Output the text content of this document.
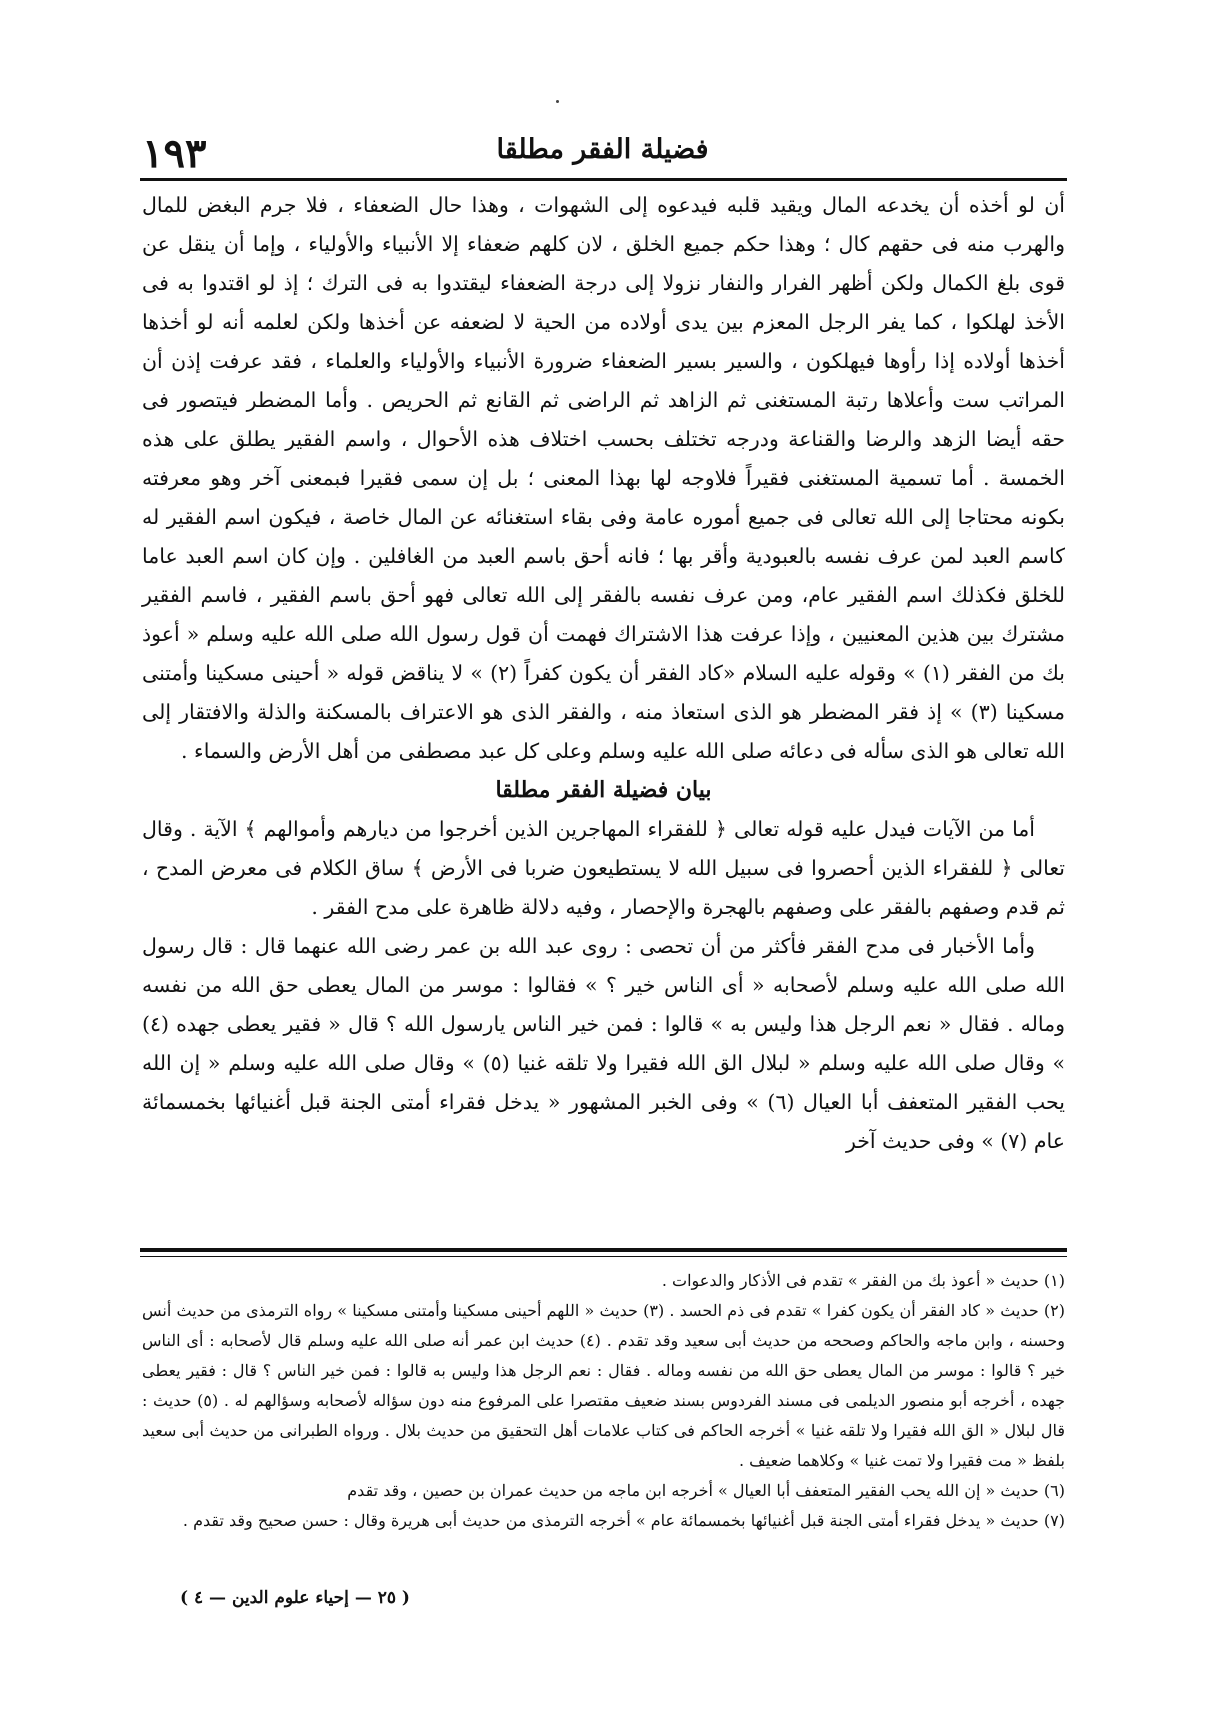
١٩٣	فضيلة الفقر مطلقا

أن لو أخذه أن يخدعه المال ويقيد قلبه فيدعوه إلى الشهوات ، وهذا حال الضعفاء ، فلا جرم البغض للمال والهرب منه فى حقهم كال ؛ وهذا حكم جميع الخلق ، لان كلهم ضعفاء إلا الأنبياء والأولياء ، وإما أن ينقل عن قوى بلغ الكمال ولكن أظهر الفرار والنفار نزولا إلى درجة الضعفاء ليقتدوا به فى الترك ؛ إذ لو اقتدوا به فى الأخذ لهلكوا ، كما يفر الرجل المعزم بين يدى أولاده من الحية لا لضعفه عن أخذها ولكن لعلمه أنه لو أخذها أخذها أولاده إذا رأوها فيهلكون ، والسير بسير الضعفاء ضرورة الأنبياء والأولياء والعلماء ، فقد عرفت إذن أن المراتب ست وأعلاها رتبة المستغنى ثم الزاهد ثم الراضى ثم القانع ثم الحريص . وأما المضطر فيتصور فى حقه أيضا الزهد والرضا والقناعة ودرجه تختلف بحسب اختلاف هذه الأحوال ، واسم الفقير يطلق على هذه الخمسة . أما تسمية المستغنى فقيراً فلاوجه لها بهذا المعنى ؛ بل إن سمى فقيرا فبمعنى آخر وهو معرفته بكونه محتاجا إلى الله تعالى فى جميع أموره عامة وفى بقاء استغنائه عن المال خاصة ، فيكون اسم الفقير له كاسم العبد لمن عرف نفسه بالعبودية وأقر بها ؛ فانه أحق باسم العبد من الغافلين . وإن كان اسم العبد عاما للخلق فكذلك اسم الفقير عام، ومن عرف نفسه بالفقر إلى الله تعالى فهو أحق باسم الفقير ، فاسم الفقير مشترك بين هذين المعنيين ، وإذا عرفت هذا الاشتراك فهمت أن قول رسول الله صلى الله عليه وسلم « أعوذ بك من الفقر (١) » وقوله عليه السلام «كاد الفقر أن يكون كفراً (٢) » لا يناقض قوله « أحينى مسكينا وأمتنى مسكينا (٣) » إذ فقر المضطر هو الذى استعاذ منه ، والفقر الذى هو الاعتراف بالمسكنة والذلة والافتقار إلى الله تعالى هو الذى سأله فى دعائه صلى الله عليه وسلم وعلى كل عبد مصطفى من أهل الأرض والسماء .

بيان فضيلة الفقر مطلقا

أما من الآيات فيدل عليه قوله تعالى ﴿ للفقراء المهاجرين الذين أخرجوا من ديارهم وأموالهم ﴾ الآية . وقال تعالى ﴿ للفقراء الذين أحصروا فى سبيل الله لا يستطيعون ضربا فى الأرض ﴾ ساق الكلام فى معرض المدح ، ثم قدم وصفهم بالفقر على وصفهم بالهجرة والإحصار ، وفيه دلالة ظاهرة على مدح الفقر .

وأما الأخبار فى مدح الفقر فأكثر من أن تحصى : روى عبد الله بن عمر رضى الله عنهما قال : قال رسول الله صلى الله عليه وسلم لأصحابه « أى الناس خير ؟ » فقالوا : موسر من المال يعطى حق الله من نفسه وماله . فقال « نعم الرجل هذا وليس به » قالوا : فمن خير الناس يارسول الله ؟ قال « فقير يعطى جهده (٤) » وقال صلى الله عليه وسلم « لبلال الق الله فقيرا ولا تلقه غنيا (٥) » وقال صلى الله عليه وسلم « إن الله يحب الفقير المتعفف أبا العيال (٦) » وفى الخبر المشهور « يدخل فقراء أمتى الجنة قبل أغنيائها بخمسمائة عام (٧) » وفى حديث آخر

(١) حديث « أعوذ بك من الفقر » تقدم فى الأذكار والدعوات .

(٢) حديث « كاد الفقر أن يكون كفرا » تقدم فى ذم الحسد . (٣) حديث « اللهم أحينى مسكينا وأمتنى مسكينا » رواه الترمذى من حديث أنس وحسنه ، وابن ماجه والحاكم وصححه من حديث أبى سعيد وقد تقدم . (٤) حديث ابن عمر أنه صلى الله عليه وسلم قال لأصحابه : أى الناس خير ؟ قالوا : موسر من المال يعطى حق الله من نفسه وماله . فقال : نعم الرجل هذا وليس به قالوا : فمن خير الناس ؟ قال : فقير يعطى جهده ، أخرجه أبو منصور الديلمى فى مسند الفردوس بسند ضعيف مقتصرا على المرفوع منه دون سؤاله لأصحابه وسؤالهم له . (٥) حديث : قال لبلال « الق الله فقيرا ولا تلقه غنيا » أخرجه الحاكم فى كتاب علامات أهل التحقيق من حديث بلال . ورواه الطبرانى من حديث أبى سعيد بلفظ « مت فقيرا ولا تمت غنيا » وكلاهما ضعيف .

(٦) حديث « إن الله يحب الفقير المتعفف أبا العيال » أخرجه ابن ماجه من حديث عمران بن حصين ، وقد تقدم

(٧) حديث « يدخل فقراء أمتى الجنة قبل أغنيائها بخمسمائة عام » أخرجه الترمذى من حديث أبى هريرة وقال : حسن صحيح وقد تقدم .

( ٢٥ — إحياء علوم الدين — ٤ )
